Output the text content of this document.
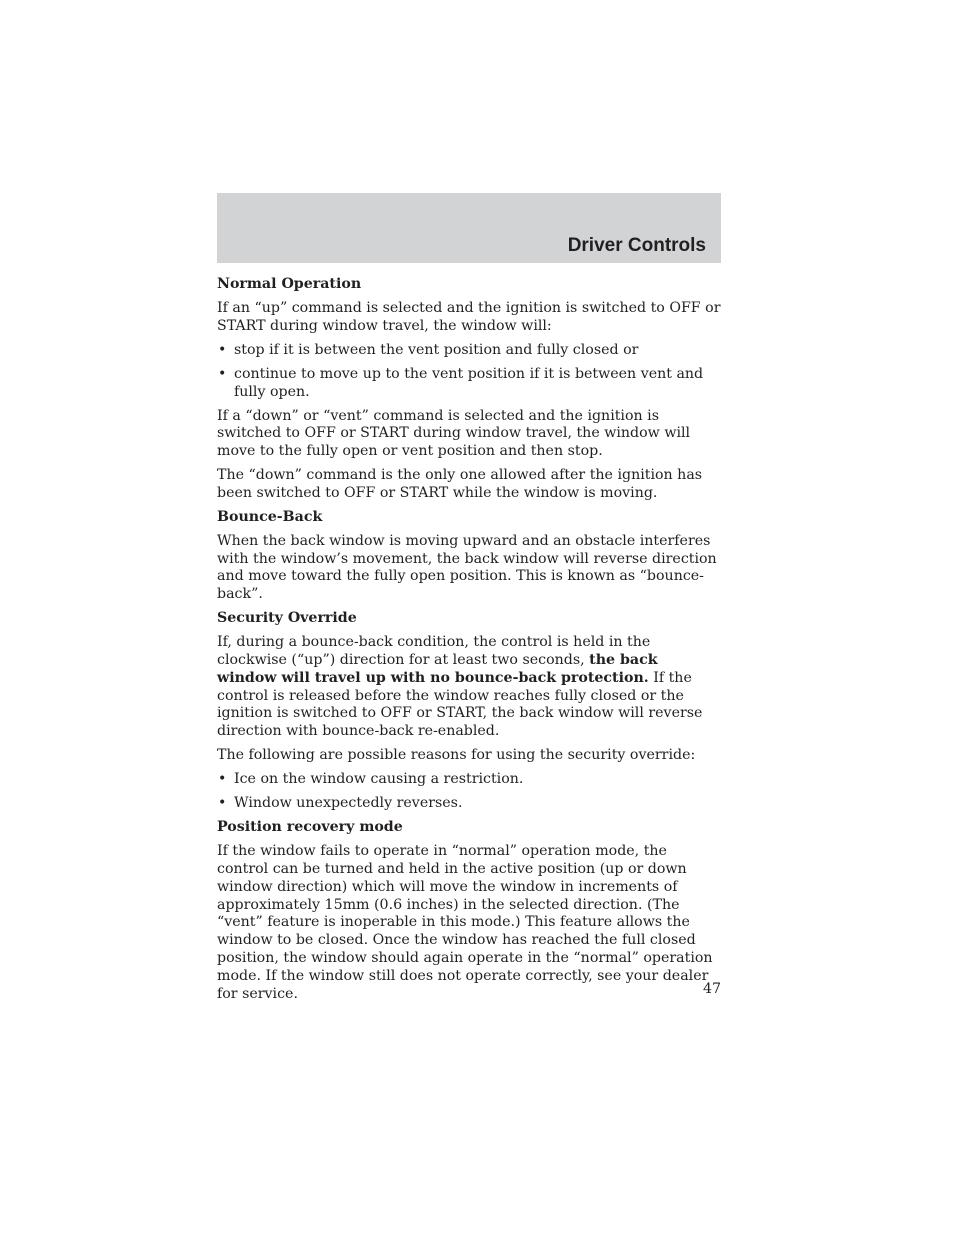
Driver Controls
Normal Operation

If an “up” command is selected and the ignition is switched to OFF or START during window travel, the window will:

• stop if it is between the vent position and fully closed or
• continue to move up to the vent position if it is between vent and fully open.

If a “down” or “vent” command is selected and the ignition is switched to OFF or START during window travel, the window will move to the fully open or vent position and then stop.

The “down” command is the only one allowed after the ignition has been switched to OFF or START while the window is moving.

Bounce-Back

When the back window is moving upward and an obstacle interferes with the window’s movement, the back window will reverse direction and move toward the fully open position. This is known as “bounce-back”.

Security Override

If, during a bounce-back condition, the control is held in the clockwise (“up”) direction for at least two seconds, the back window will travel up with no bounce-back protection. If the control is released before the window reaches fully closed or the ignition is switched to OFF or START, the back window will reverse direction with bounce-back re-enabled.

The following are possible reasons for using the security override:

• Ice on the window causing a restriction.
• Window unexpectedly reverses.
Position recovery mode

If the window fails to operate in “normal” operation mode, the control can be turned and held in the active position (up or down window direction) which will move the window in increments of approximately 15mm (0.6 inches) in the selected direction. (The “vent” feature is inoperable in this mode.) This feature allows the window to be closed. Once the window has reached the full closed position, the window should again operate in the “normal” operation mode. If the window still does not operate correctly, see your dealer for service.	47
